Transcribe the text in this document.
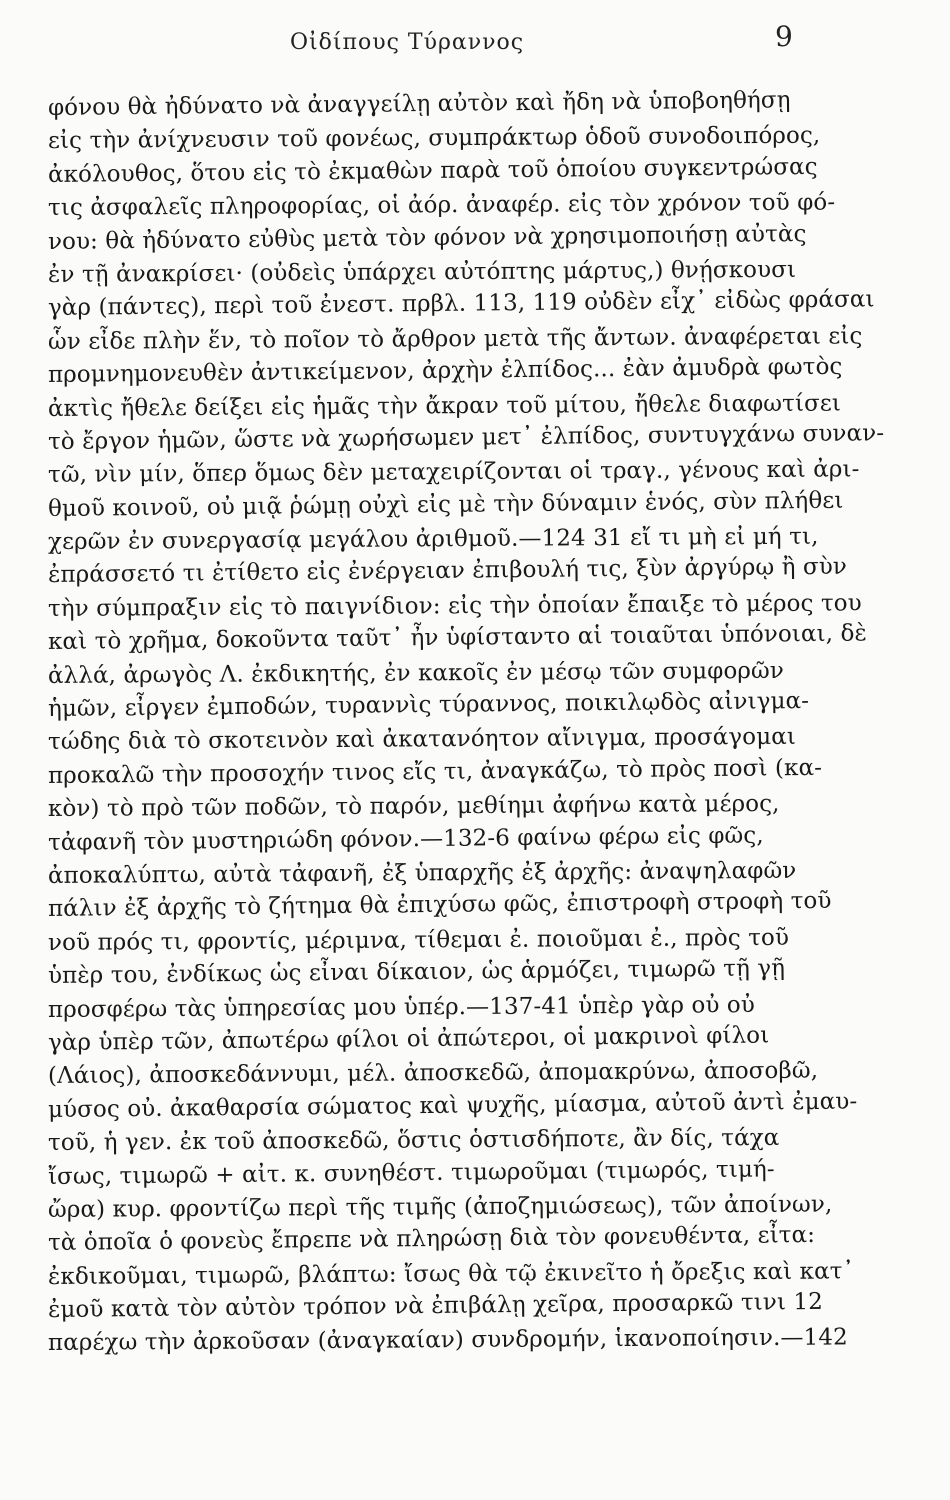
Οἰδίπους Τύραννος	9
φόνου θὰ ἠδύνατο νὰ ἀναγγείλῃ αὐτὸν καὶ ἤδη νὰ ὑποβοηθήσῃ
εἰς τὴν ἀνίχνευσιν τοῦ φονέως, συμπράκτωρ ὁδοῦ συνοδοιπόρος,
ἀκόλουθος, ὅτου εἰς τὸ ἐκμαθὼν παρὰ τοῦ ὁποίου συγκεντρώσας
τις ἀσφαλεῖς πληροφορίας, οἱ ἀόρ. ἀναφέρ. εἰς τὸν χρόνον τοῦ φό-
νου: θὰ ἠδύνατο εὐθὺς μετὰ τὸν φόνον νὰ χρησιμοποιήσῃ αὐτὰς
ἐν τῇ ἀνακρίσει· (οὐδεὶς ὑπάρχει αὐτόπτης μάρτυς,) θνῄσκουσι
γὰρ (πάντες), περὶ τοῦ ἐνεστ. πρβλ. 113, 119 οὐδὲν εἶχ᾽ εἰδὼς φράσαι
ὧν εἶδε πλὴν ἕν, τὸ ποῖον τὸ ἄρθρον μετὰ τῆς ἄντων. ἀναφέρεται εἰς
προμνημονευθὲν ἀντικείμενον, ἀρχὴν ἐλπίδος... ἐὰν ἀμυδρὰ φωτὸς
ἀκτὶς ἤθελε δείξει εἰς ἡμᾶς τὴν ἄκραν τοῦ μίτου, ἤθελε διαφωτίσει
τὸ ἔργον ἡμῶν, ὥστε νὰ χωρήσωμεν μετ᾽ ἐλπίδος, συντυγχάνω συναν-
τῶ, νὶν μίν, ὅπερ ὅμως δὲν μεταχειρίζονται οἱ τραγ., γένους καὶ ἀρι-
θμοῦ κοινοῦ, οὐ μιᾷ ῥώμῃ οὐχὶ εἰς μὲ τὴν δύναμιν ἑνός, σὺν πλήθει
χερῶν ἐν συνεργασίᾳ μεγάλου ἀριθμοῦ.—124 31 εἴ τι μὴ εἰ μή τι,
ἐπράσσετό τι ἐτίθετο εἰς ἐνέργειαν ἐπιβουλή τις, ξὺν ἀργύρῳ ἢ σὺν
τὴν σύμπραξιν εἰς τὸ παιγνίδιον: εἰς τὴν ὁποίαν ἔπαιξε τὸ μέρος του
καὶ τὸ χρῆμα, δοκοῦντα ταῦτ᾽ ἦν ὑφίσταντο αἱ τοιαῦται ὑπόνοιαι, δὲ
ἀλλά, ἀρωγὸς Λ. ἐκδικητής, ἐν κακοῖς ἐν μέσῳ τῶν συμφορῶν
ἡμῶν, εἶργεν ἐμποδών, τυραννὶς τύραννος, ποικιλῳδὸς αἰνιγμα-
τώδης διὰ τὸ σκοτεινὸν καὶ ἀκατανόητον αἴνιγμα, προσάγομαι
προκαλῶ τὴν προσοχήν τινος εἴς τι, ἀναγκάζω, τὸ πρὸς ποσὶ (κα-
κὸν) τὸ πρὸ τῶν ποδῶν, τὸ παρόν, μεθίημι ἀφήνω κατὰ μέρος,
τἀφανῆ τὸν μυστηριώδη φόνον.—132-6 φαίνω φέρω εἰς φῶς,
ἀποκαλύπτω, αὐτὰ τἀφανῆ, ἐξ ὑπαρχῆς ἐξ ἀρχῆς: ἀναψηλαφῶν
πάλιν ἐξ ἀρχῆς τὸ ζήτημα θὰ ἐπιχύσω φῶς, ἐπιστροφὴ στροφὴ τοῦ
νοῦ πρός τι, φροντίς, μέριμνα, τίθεμαι ἐ. ποιοῦμαι ἐ., πρὸς τοῦ
ὑπὲρ του, ἐνδίκως ὡς εἶναι δίκαιον, ὡς ἁρμόζει, τιμωρῶ τῇ γῇ
προσφέρω τὰς ὑπηρεσίας μου ὑπέρ.—137-41 ὑπὲρ γὰρ οὐ οὐ
γὰρ ὑπὲρ τῶν, ἀπωτέρω φίλοι οἱ ἀπώτεροι, οἱ μακρινοὶ φίλοι
(Λάιος), ἀποσκεδάννυμι, μέλ. ἀποσκεδῶ, ἀπομακρύνω, ἀποσοβῶ,
μύσος οὐ. ἀκαθαρσία σώματος καὶ ψυχῆς, μίασμα, αὐτοῦ ἀντὶ ἐμαυ-
τοῦ, ἡ γεν. ἐκ τοῦ ἀποσκεδῶ, ὅστις ὁστισδήποτε, ἂν δίς, τάχα
ἴσως, τιμωρῶ + αἰτ. κ. συνηθέστ. τιμωροῦμαι (τιμωρός, τιμή-
ὤρα) κυρ. φροντίζω περὶ τῆς τιμῆς (ἀποζημιώσεως), τῶν ἀποίνων,
τὰ ὁποῖα ὁ φονεὺς ἔπρεπε νὰ πληρώσῃ διὰ τὸν φονευθέντα, εἶτα:
ἐκδικοῦμαι, τιμωρῶ, βλάπτω: ἴσως θὰ τῷ ἐκινεῖτο ἡ ὄρεξις καὶ κατ᾽
ἐμοῦ κατὰ τὸν αὐτὸν τρόπον νὰ ἐπιβάλῃ χεῖρα, προσαρκῶ τινι 12
παρέχω τὴν ἀρκοῦσαν (ἀναγκαίαν) συνδρομήν, ἱκανοποίησιν.—142
